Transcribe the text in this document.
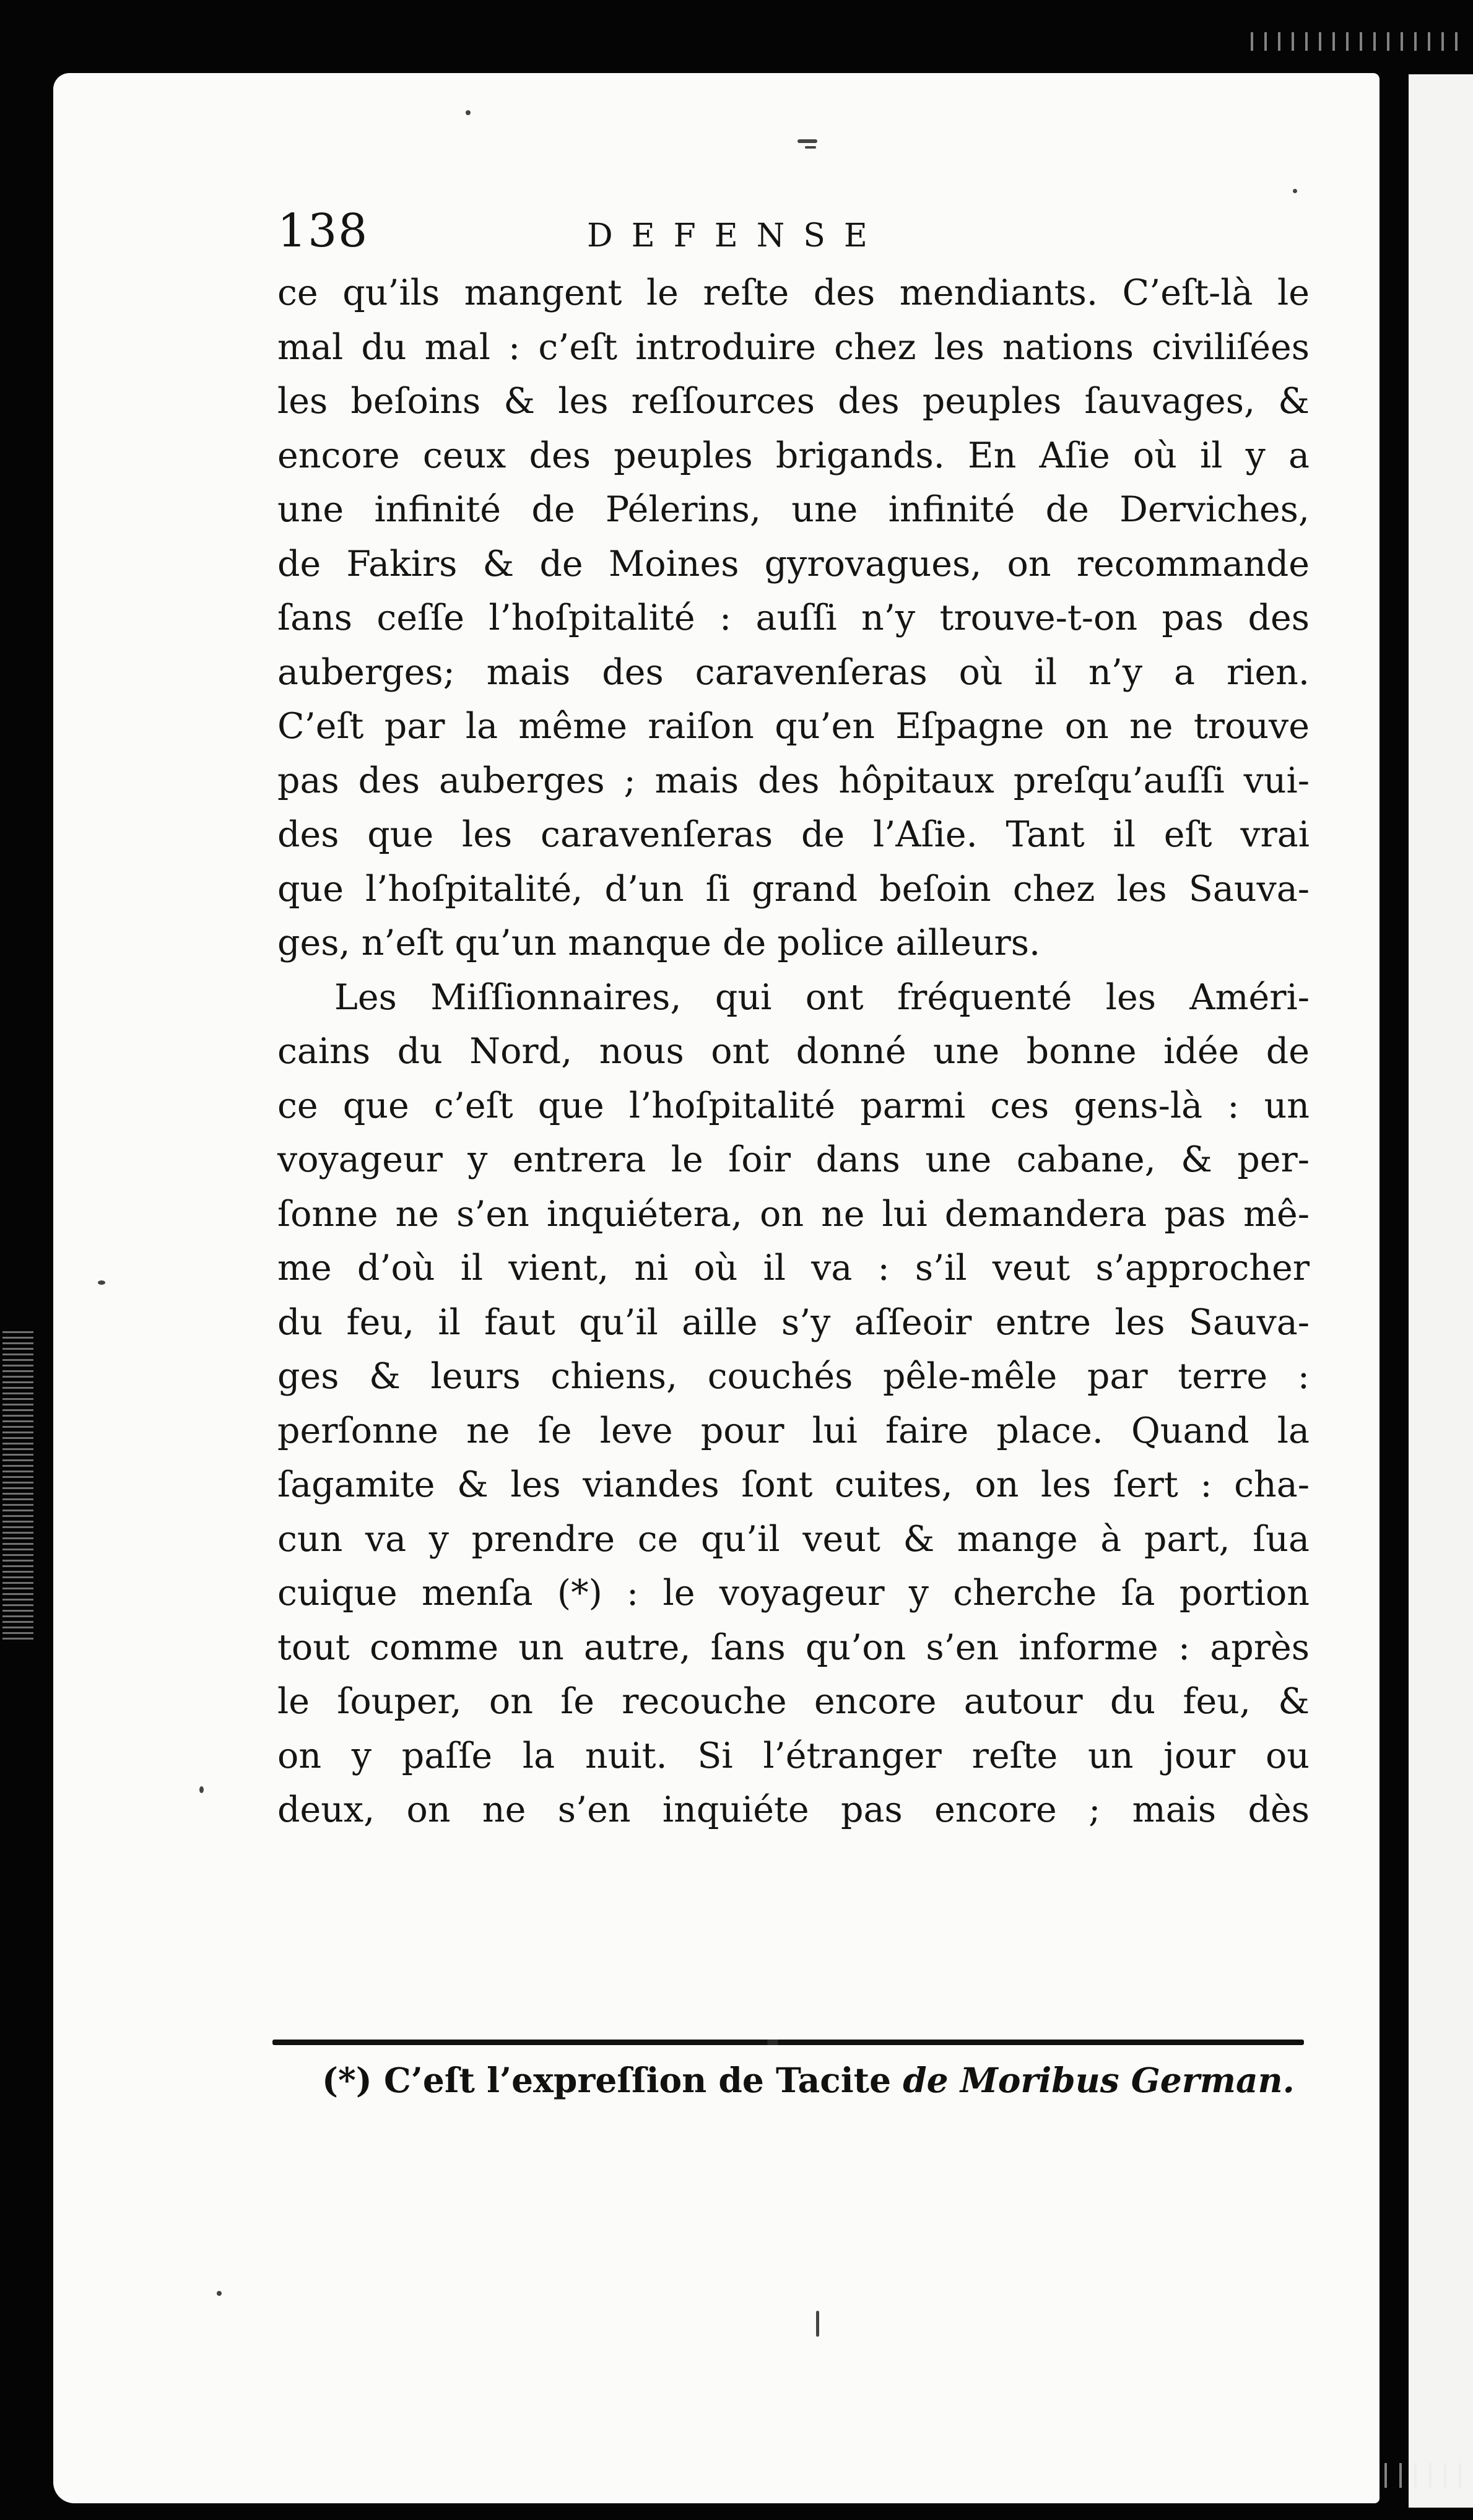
138	defense
ce qu’ils mangent le reſte des mendiants. C’eſt-là le
mal du mal : c’eſt introduire chez les nations civiliſées
les beſoins & les reſſources des peuples ſauvages, &
encore ceux des peuples brigands. En Aſie où il y a
une infinité de Pélerins, une infinité de Derviches,
de Fakirs & de Moines gyrovagues, on recommande
ſans ceſſe l’hoſpitalité : auſſi n’y trouve-t-on pas des
auberges; mais des caravenſeras où il n’y a rien.
C’eſt par la même raiſon qu’en Eſpagne on ne trouve
pas des auberges ; mais des hôpitaux preſqu’auſſi vui-
des que les caravenſeras de l’Aſie. Tant il eſt vrai
que l’hoſpitalité, d’un ſi grand beſoin chez les Sauva-
ges, n’eſt qu’un manque de police ailleurs.
Les Miſſionnaires, qui ont fréquenté les Améri-
cains du Nord, nous ont donné une bonne idée de
ce que c’eſt que l’hoſpitalité parmi ces gens-là : un
voyageur y entrera le ſoir dans une cabane, & per-
ſonne ne s’en inquiétera, on ne lui demandera pas mê-
me d’où il vient, ni où il va : s’il veut s’approcher
du feu, il faut qu’il aille s’y aſſeoir entre les Sauva-
ges & leurs chiens, couchés pêle-mêle par terre :
perſonne ne ſe leve pour lui faire place. Quand la
ſagamite & les viandes ſont cuites, on les ſert : cha-
cun va y prendre ce qu’il veut & mange à part, ſua
cuique menſa (*) : le voyageur y cherche ſa portion
tout comme un autre, ſans qu’on s’en informe : après
le ſouper, on ſe recouche encore autour du feu, &
on y paſſe la nuit. Si l’étranger reſte un jour ou
deux, on ne s’en inquiéte pas encore ; mais dès
(*) C’eſt l’expreſſion de Tacite de Moribus German.
